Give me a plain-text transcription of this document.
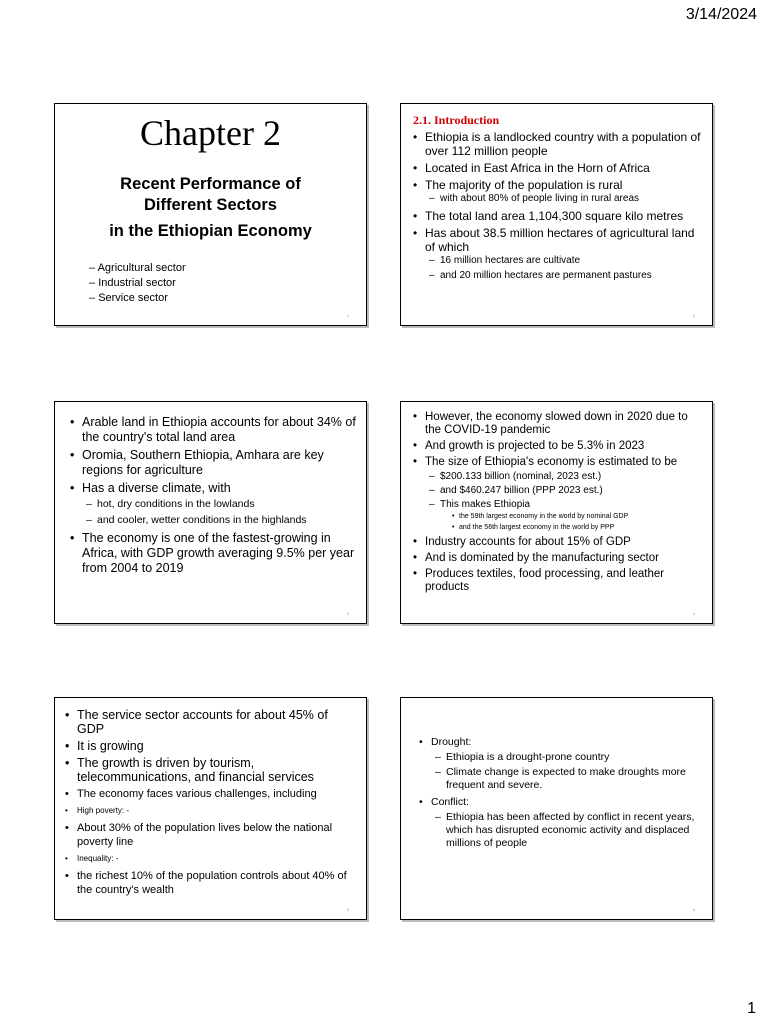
3/14/2024
Chapter 2
Recent Performance of
Different Sectors
in the Ethiopian Economy
– Agricultural sector
– Industrial sector
– Service sector
1
2.1. Introduction
• Ethiopia is a landlocked country with a population of over 112 million people
• Located in East Africa in the Horn of Africa
• The majority of the population is rural
– with about 80% of people living in rural areas
• The total land area 1,104,300 square kilo metres
• Has about 38.5 million hectares of agricultural land of which
– 16 million hectares are cultivate
– and 20 million hectares are permanent pastures
2
• Arable land in Ethiopia accounts for about 34% of the country's total land area
• Oromia, Southern Ethiopia, Amhara are key regions for agriculture
• Has a diverse climate, with
– hot, dry conditions in the lowlands
– and cooler, wetter conditions in the highlands
• The economy is one of the fastest-growing in Africa, with GDP growth averaging 9.5% per year from 2004 to 2019
3
• However, the economy slowed down in 2020 due to the COVID-19 pandemic
• And growth is projected to be 5.3% in 2023
• The size of Ethiopia's economy is estimated to be
– $200.133 billion (nominal, 2023 est.)
– and $460.247 billion (PPP 2023 est.)
– This makes Ethiopia
• the 59th largest economy in the world by nominal GDP
• and the 56th largest economy in the world by PPP
• Industry accounts for about 15% of GDP
• And is dominated by the manufacturing sector
• Produces textiles, food processing, and leather products
4
• The service sector accounts for about 45% of GDP
• It is growing
• The growth is driven by tourism, telecommunications, and financial services
• The economy faces various challenges, including
• High poverty: -
• About 30% of the population lives below the national poverty line
• Inequality: -
• the richest 10% of the population controls about 40% of the country's wealth
5
• Drought:
– Ethiopia is a drought-prone country
– Climate change is expected to make droughts more frequent and severe.
• Conflict:
– Ethiopia has been affected by conflict in recent years, which has disrupted economic activity and displaced millions of people
6
1
